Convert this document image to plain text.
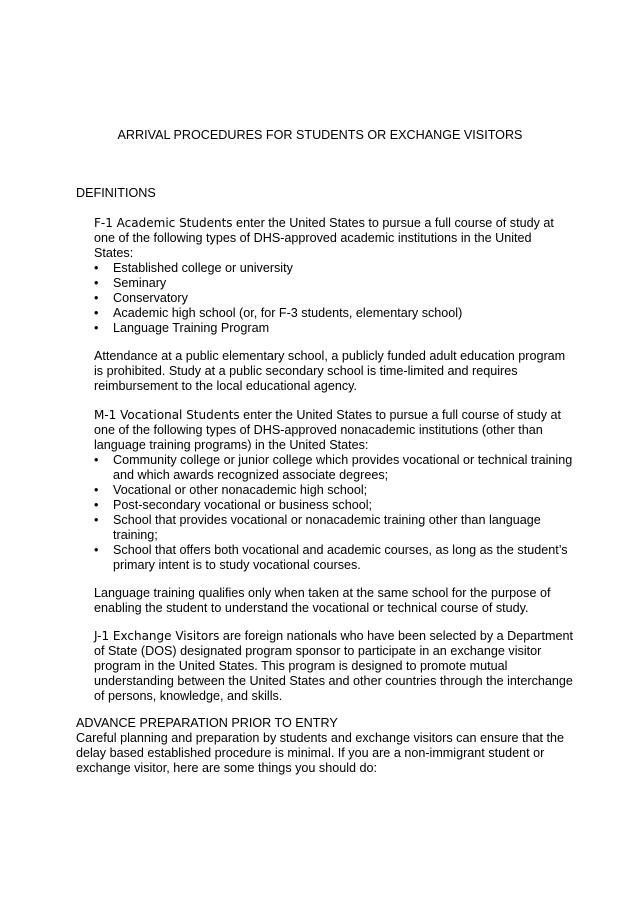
ARRIVAL PROCEDURES FOR STUDENTS OR EXCHANGE VISITORS
DEFINITIONS

F-1 Academic Students enter the United States to pursue a full course of study at one of the following types of DHS-approved academic institutions in the United States:

• Established college or university
• Seminary
• Conservatory
• Academic high school (or, for F-3 students, elementary school)
• Language Training Program
Attendance at a public elementary school, a publicly funded adult education program is prohibited. Study at a public secondary school is time-limited and requires reimbursement to the local educational agency.

M-1 Vocational Students enter the United States to pursue a full course of study at one of the following types of DHS-approved nonacademic institutions (other than language training programs) in the United States:

• Community college or junior college which provides vocational or technical training and which awards recognized associate degrees;
• Vocational or other nonacademic high school;
• Post-secondary vocational or business school;
• School that provides vocational or nonacademic training other than language training;
• School that offers both vocational and academic courses, as long as the student’s primary intent is to study vocational courses.
Language training qualifies only when taken at the same school for the purpose of enabling the student to understand the vocational or technical course of study.

J-1 Exchange Visitors are foreign nationals who have been selected by a Department of State (DOS) designated program sponsor to participate in an exchange visitor program in the United States. This program is designed to promote mutual understanding between the United States and other countries through the interchange of persons, knowledge, and skills.

ADVANCE PREPARATION PRIOR TO ENTRY
Careful planning and preparation by students and exchange visitors can ensure that the delay based established procedure is minimal. If you are a non-immigrant student or exchange visitor, here are some things you should do:
